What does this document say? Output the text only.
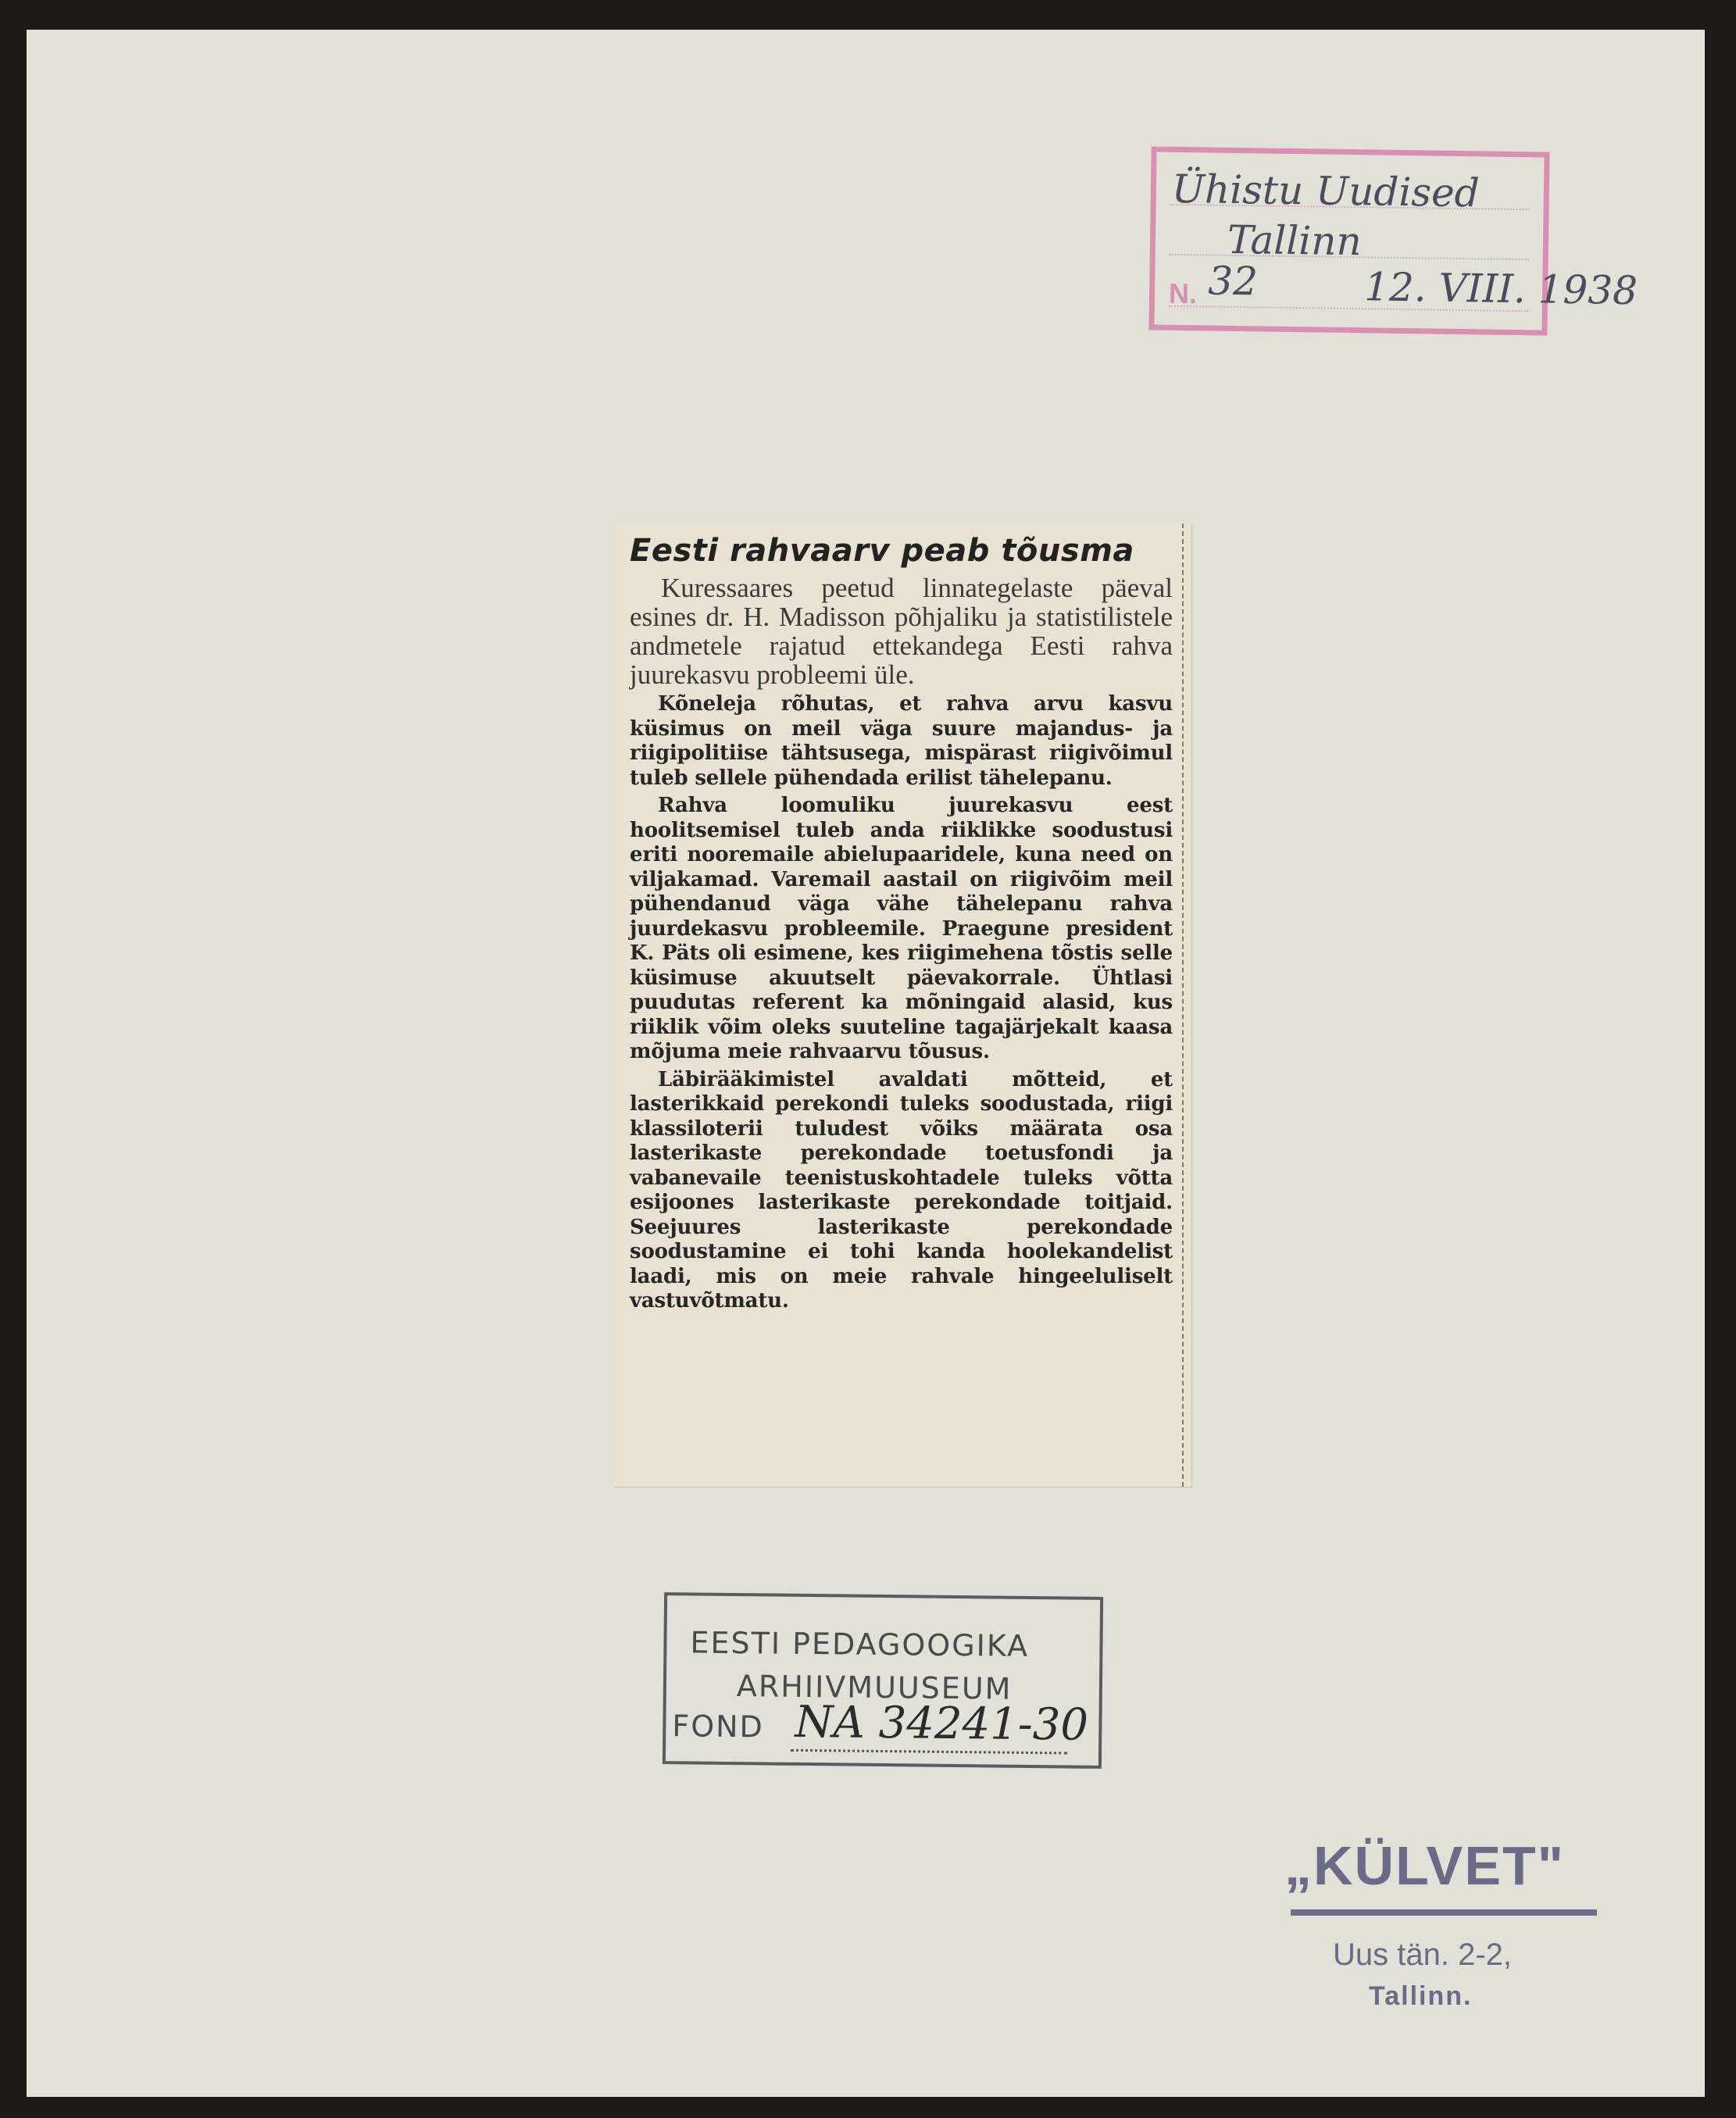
Ühistu Uudised
Tallinn
N. 32	12. VIII. 1938
Eesti rahvaarv peab tõusma

Kuressaares peetud linnategelaste päeval esines dr. H. Madisson põhjaliku ja statistilistele andmetele rajatud ettekandega Eesti rahva juurekasvu probleemi üle.

Kõneleja rõhutas, et rahva arvu kasvu küsimus on meil väga suure majandus- ja riigipolitiise tähtsusega, mispärast riigivõimul tuleb sellele pühendada erilist tähelepanu.

Rahva loomuliku juurekasvu eest hoolitsemisel tuleb anda riiklikke soodustusi eriti nooremaile abielupaaridele, kuna need on viljakamad. Varemail aastail on riigivõim meil pühendanud väga vähe tähelepanu rahva juurdekasvu probleemile. Praegune president K. Päts oli esimene, kes riigimehena tõstis selle küsimuse akuutselt päevakorrale. Ühtlasi puudutas referent ka mõningaid alasid, kus riiklik võim oleks suuteline tagajärjekalt kaasa mõjuma meie rahvaarvu tõusus.

Läbirääkimistel avaldati mõtteid, et lasterikkaid perekondi tuleks soodustada, riigi klassiloterii tuludest võiks määrata osa lasterikaste perekondade toetusfondi ja vabanevaile teenistuskohtadele tuleks võtta esijoones lasterikaste perekondade toitjaid. Seejuures lasterikaste perekondade soodustamine ei tohi kanda hoolekandelist laadi, mis on meie rahvale hingeeluliselt vastuvõtmatu.

EESTI PEDAGOOGIKA
ARHIIVMUUSEUM
FOND NA 34241-30
„KÜLVET"
Uus tän. 2-2,
Tallinn.
